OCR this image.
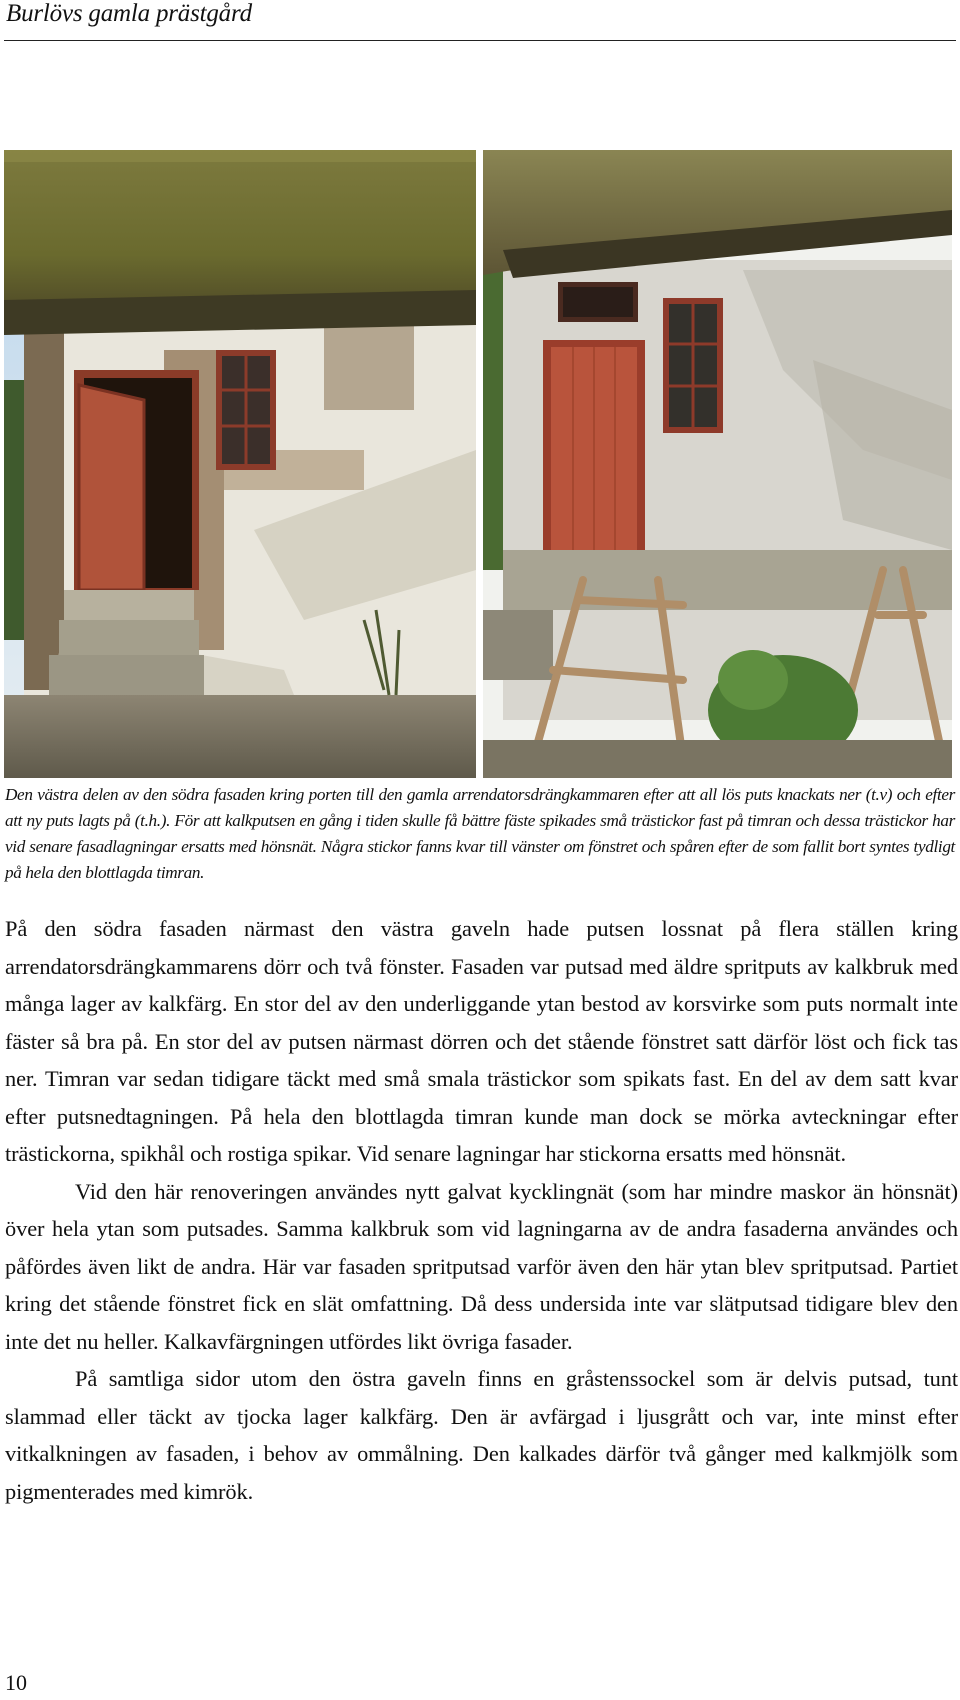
Burlövs gamla prästgård

Den västra delen av den södra fasaden kring porten till den gamla arrendatorsdrängkammaren efter att all lös puts knackats ner (t.v) och efter att ny puts lagts på (t.h.). För att kalkputsen en gång i tiden skulle få bättre fäste spikades små trästickor fast på timran och dessa trästickor har vid senare fasadlagningar ersatts med hönsnät. Några stickor fanns kvar till vänster om fönstret och spåren efter de som fallit bort syntes tydligt på hela den blottlagda timran.

På den södra fasaden närmast den västra gaveln hade putsen lossnat på flera ställen kring arrendatorsdrängkammarens dörr och två fönster. Fasaden var putsad med äldre spritputs av kalkbruk med många lager av kalkfärg. En stor del av den underliggande ytan bestod av korsvirke som puts normalt inte fäster så bra på. En stor del av putsen närmast dörren och det stående fönstret satt därför löst och fick tas ner. Timran var sedan tidigare täckt med små smala trästickor som spikats fast. En del av dem satt kvar efter putsnedtagningen. På hela den blottlagda timran kunde man dock se mörka avteckningar efter trästickorna, spikhål och rostiga spikar. Vid senare lagningar har stickorna ersatts med hönsnät.

Vid den här renoveringen användes nytt galvat kycklingnät (som har mindre maskor än hönsnät) över hela ytan som putsades. Samma kalkbruk som vid lagningarna av de andra fasaderna användes och påfördes även likt de andra. Här var fasaden spritputsad varför även den här ytan blev spritputsad. Partiet kring det stående fönstret fick en slät omfattning. Då dess undersida inte var slätputsad tidigare blev den inte det nu heller. Kalkavfärgningen utfördes likt övriga fasader.

På samtliga sidor utom den östra gaveln finns en gråstenssockel som är delvis putsad, tunt slammad eller täckt av tjocka lager kalkfärg. Den är avfärgad i ljusgrått och var, inte minst efter vitkalkningen av fasaden, i behov av ommålning. Den kalkades därför två gånger med kalkmjölk som pigmenterades med kimrök.

10
